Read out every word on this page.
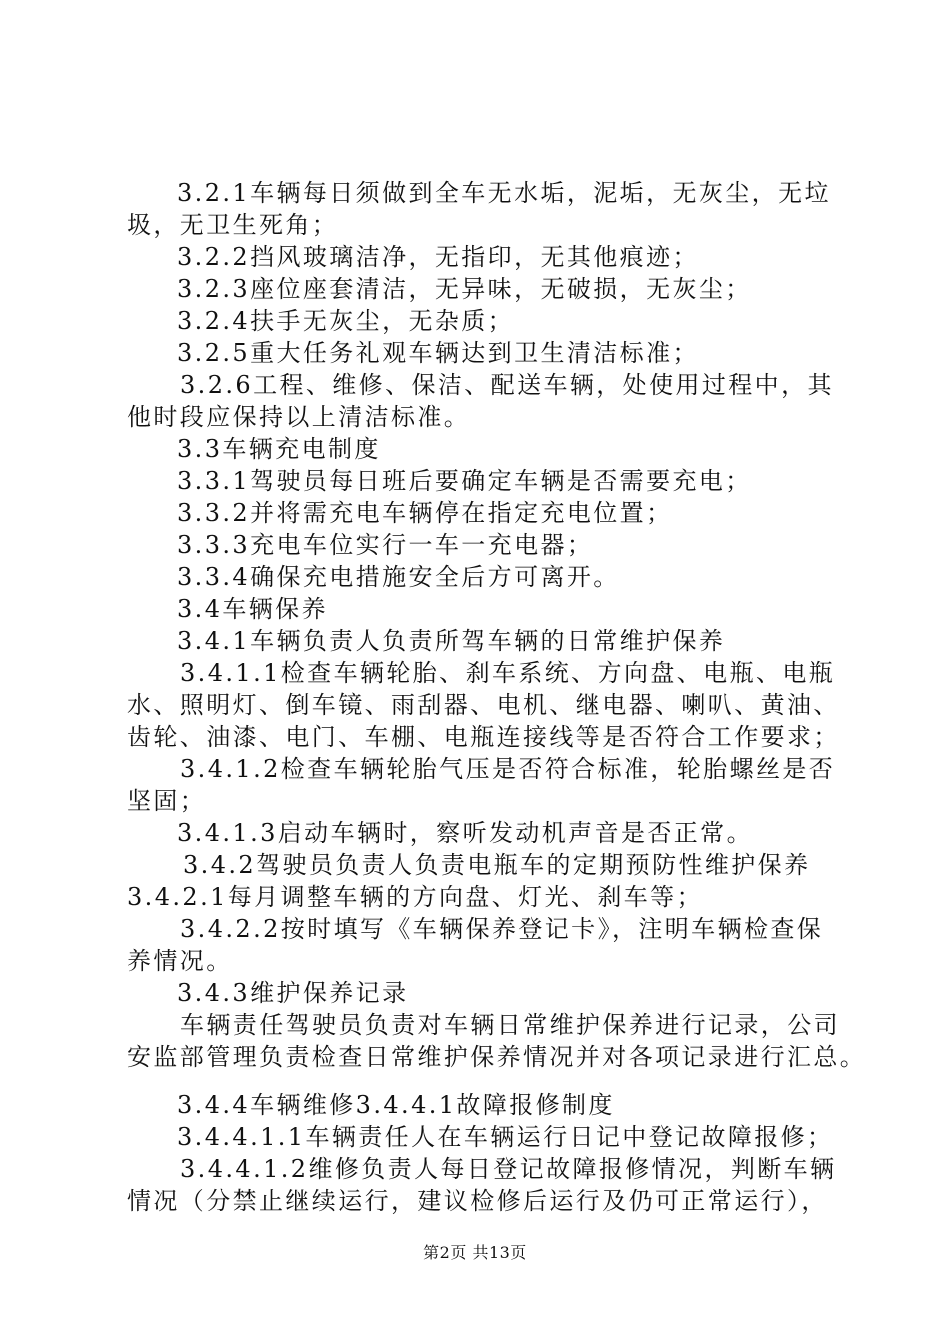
3.2.1车辆每日须做到全车无水垢，泥垢，无灰尘，无垃
圾，无卫生死角；
3.2.2挡风玻璃洁净，无指印，无其他痕迹；
3.2.3座位座套清洁，无异味，无破损，无灰尘；
3.2.4扶手无灰尘，无杂质；
3.2.5重大任务礼观车辆达到卫生清洁标准；
3.2.6工程、维修、保洁、配送车辆，处使用过程中，其
他时段应保持以上清洁标准。
3.3车辆充电制度
3.3.1驾驶员每日班后要确定车辆是否需要充电；
3.3.2并将需充电车辆停在指定充电位置；
3.3.3充电车位实行一车一充电器；
3.3.4确保充电措施安全后方可离开。
3.4车辆保养
3.4.1车辆负责人负责所驾车辆的日常维护保养
3.4.1.1检查车辆轮胎、刹车系统、方向盘、电瓶、电瓶
水、照明灯、倒车镜、雨刮器、电机、继电器、喇叭、黄油、
齿轮、油漆、电门、车棚、电瓶连接线等是否符合工作要求；
3.4.1.2检查车辆轮胎气压是否符合标准，轮胎螺丝是否
坚固；
3.4.1.3启动车辆时，察听发动机声音是否正常。
3.4.2驾驶员负责人负责电瓶车的定期预防性维护保养
3.4.2.1每月调整车辆的方向盘、灯光、刹车等；
3.4.2.2按时填写《车辆保养登记卡》，注明车辆检查保
养情况。
3.4.3维护保养记录
车辆责任驾驶员负责对车辆日常维护保养进行记录，公司
安监部管理负责检查日常维护保养情况并对各项记录进行汇总。
3.4.4车辆维修3.4.4.1故障报修制度
3.4.4.1.1车辆责任人在车辆运行日记中登记故障报修；
3.4.4.1.2维修负责人每日登记故障报修情况，判断车辆
情况（分禁止继续运行，建议检修后运行及仍可正常运行），
第2页 共13页
